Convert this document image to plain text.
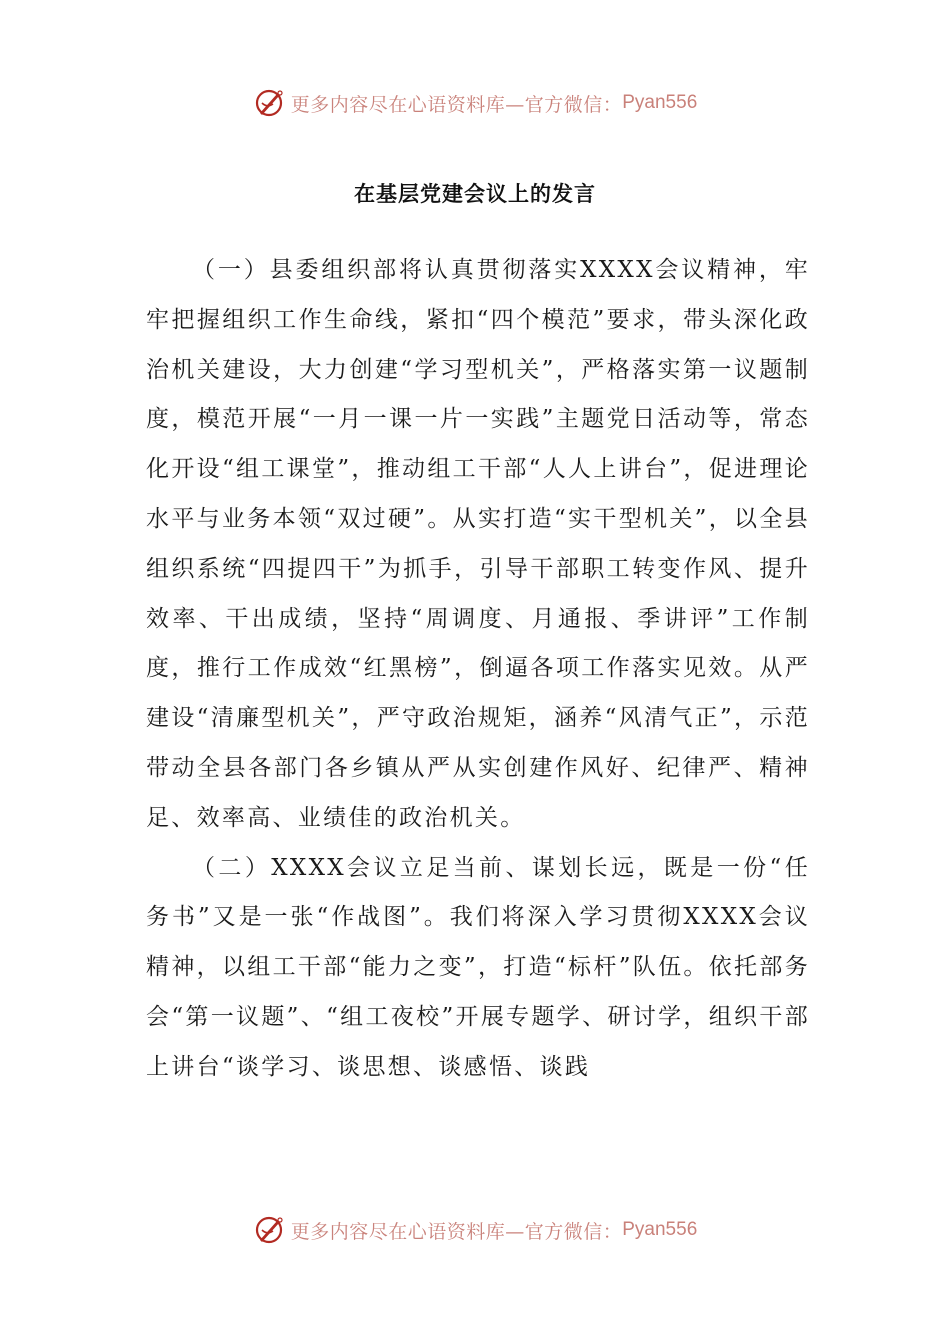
更多内容尽在心语资料库—官方微信： Pyan556
在基层党建会议上的发言

（一）县委组织部将认真贯彻落实XXXX会议精神，牢牢把握组织工作生命线，紧扣“四个模范”要求，带头深化政治机关建设，大力创建“学习型机关”，严格落实第一议题制度，模范开展“一月一课一片一实践”主题党日活动等，常态化开设“组工课堂”，推动组工干部“人人上讲台”，促进理论水平与业务本领“双过硬”。从实打造“实干型机关”，以全县组织系统“四提四干”为抓手，引导干部职工转变作风、提升效率、干出成绩，坚持“周调度、月通报、季讲评”工作制度，推行工作成效“红黑榜”，倒逼各项工作落实见效。从严建设“清廉型机关”，严守政治规矩，涵养“风清气正”，示范带动全县各部门各乡镇从严从实创建作风好、纪律严、精神足、效率高、业绩佳的政治机关。

（二）XXXX会议立足当前、谋划长远，既是一份“任务书”又是一张“作战图”。我们将深入学习贯彻XXXX会议精神，以组工干部“能力之变”，打造“标杆”队伍。依托部务会“第一议题”、“组工夜校”开展专题学、研讨学，组织干部上讲台“谈学习、谈思想、谈感悟、谈践

更多内容尽在心语资料库—官方微信： Pyan556
